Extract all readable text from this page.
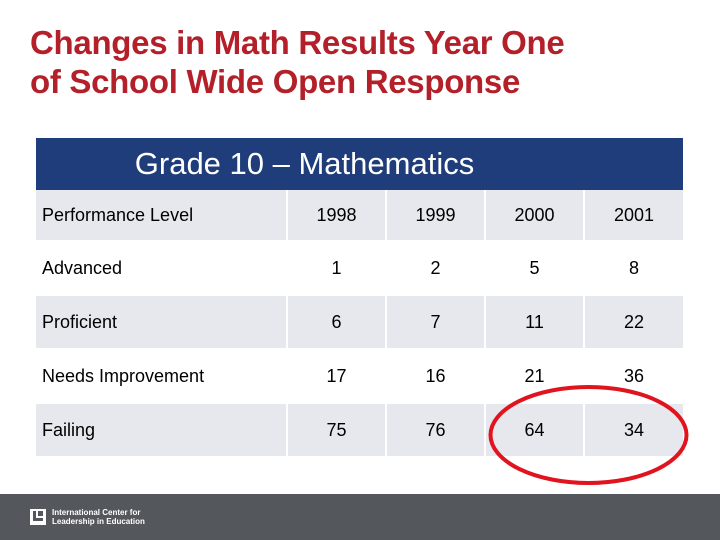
Changes in Math Results Year One
of School Wide Open Response
Grade 10 – Mathematics
Performance Level	1998	1999	2000	2001
Advanced	1	2	5	8
Proficient	6	7	11	22
Needs Improvement	17	16	21	36
Failing	75	76	64	34
International Center for
Leadership in Education
